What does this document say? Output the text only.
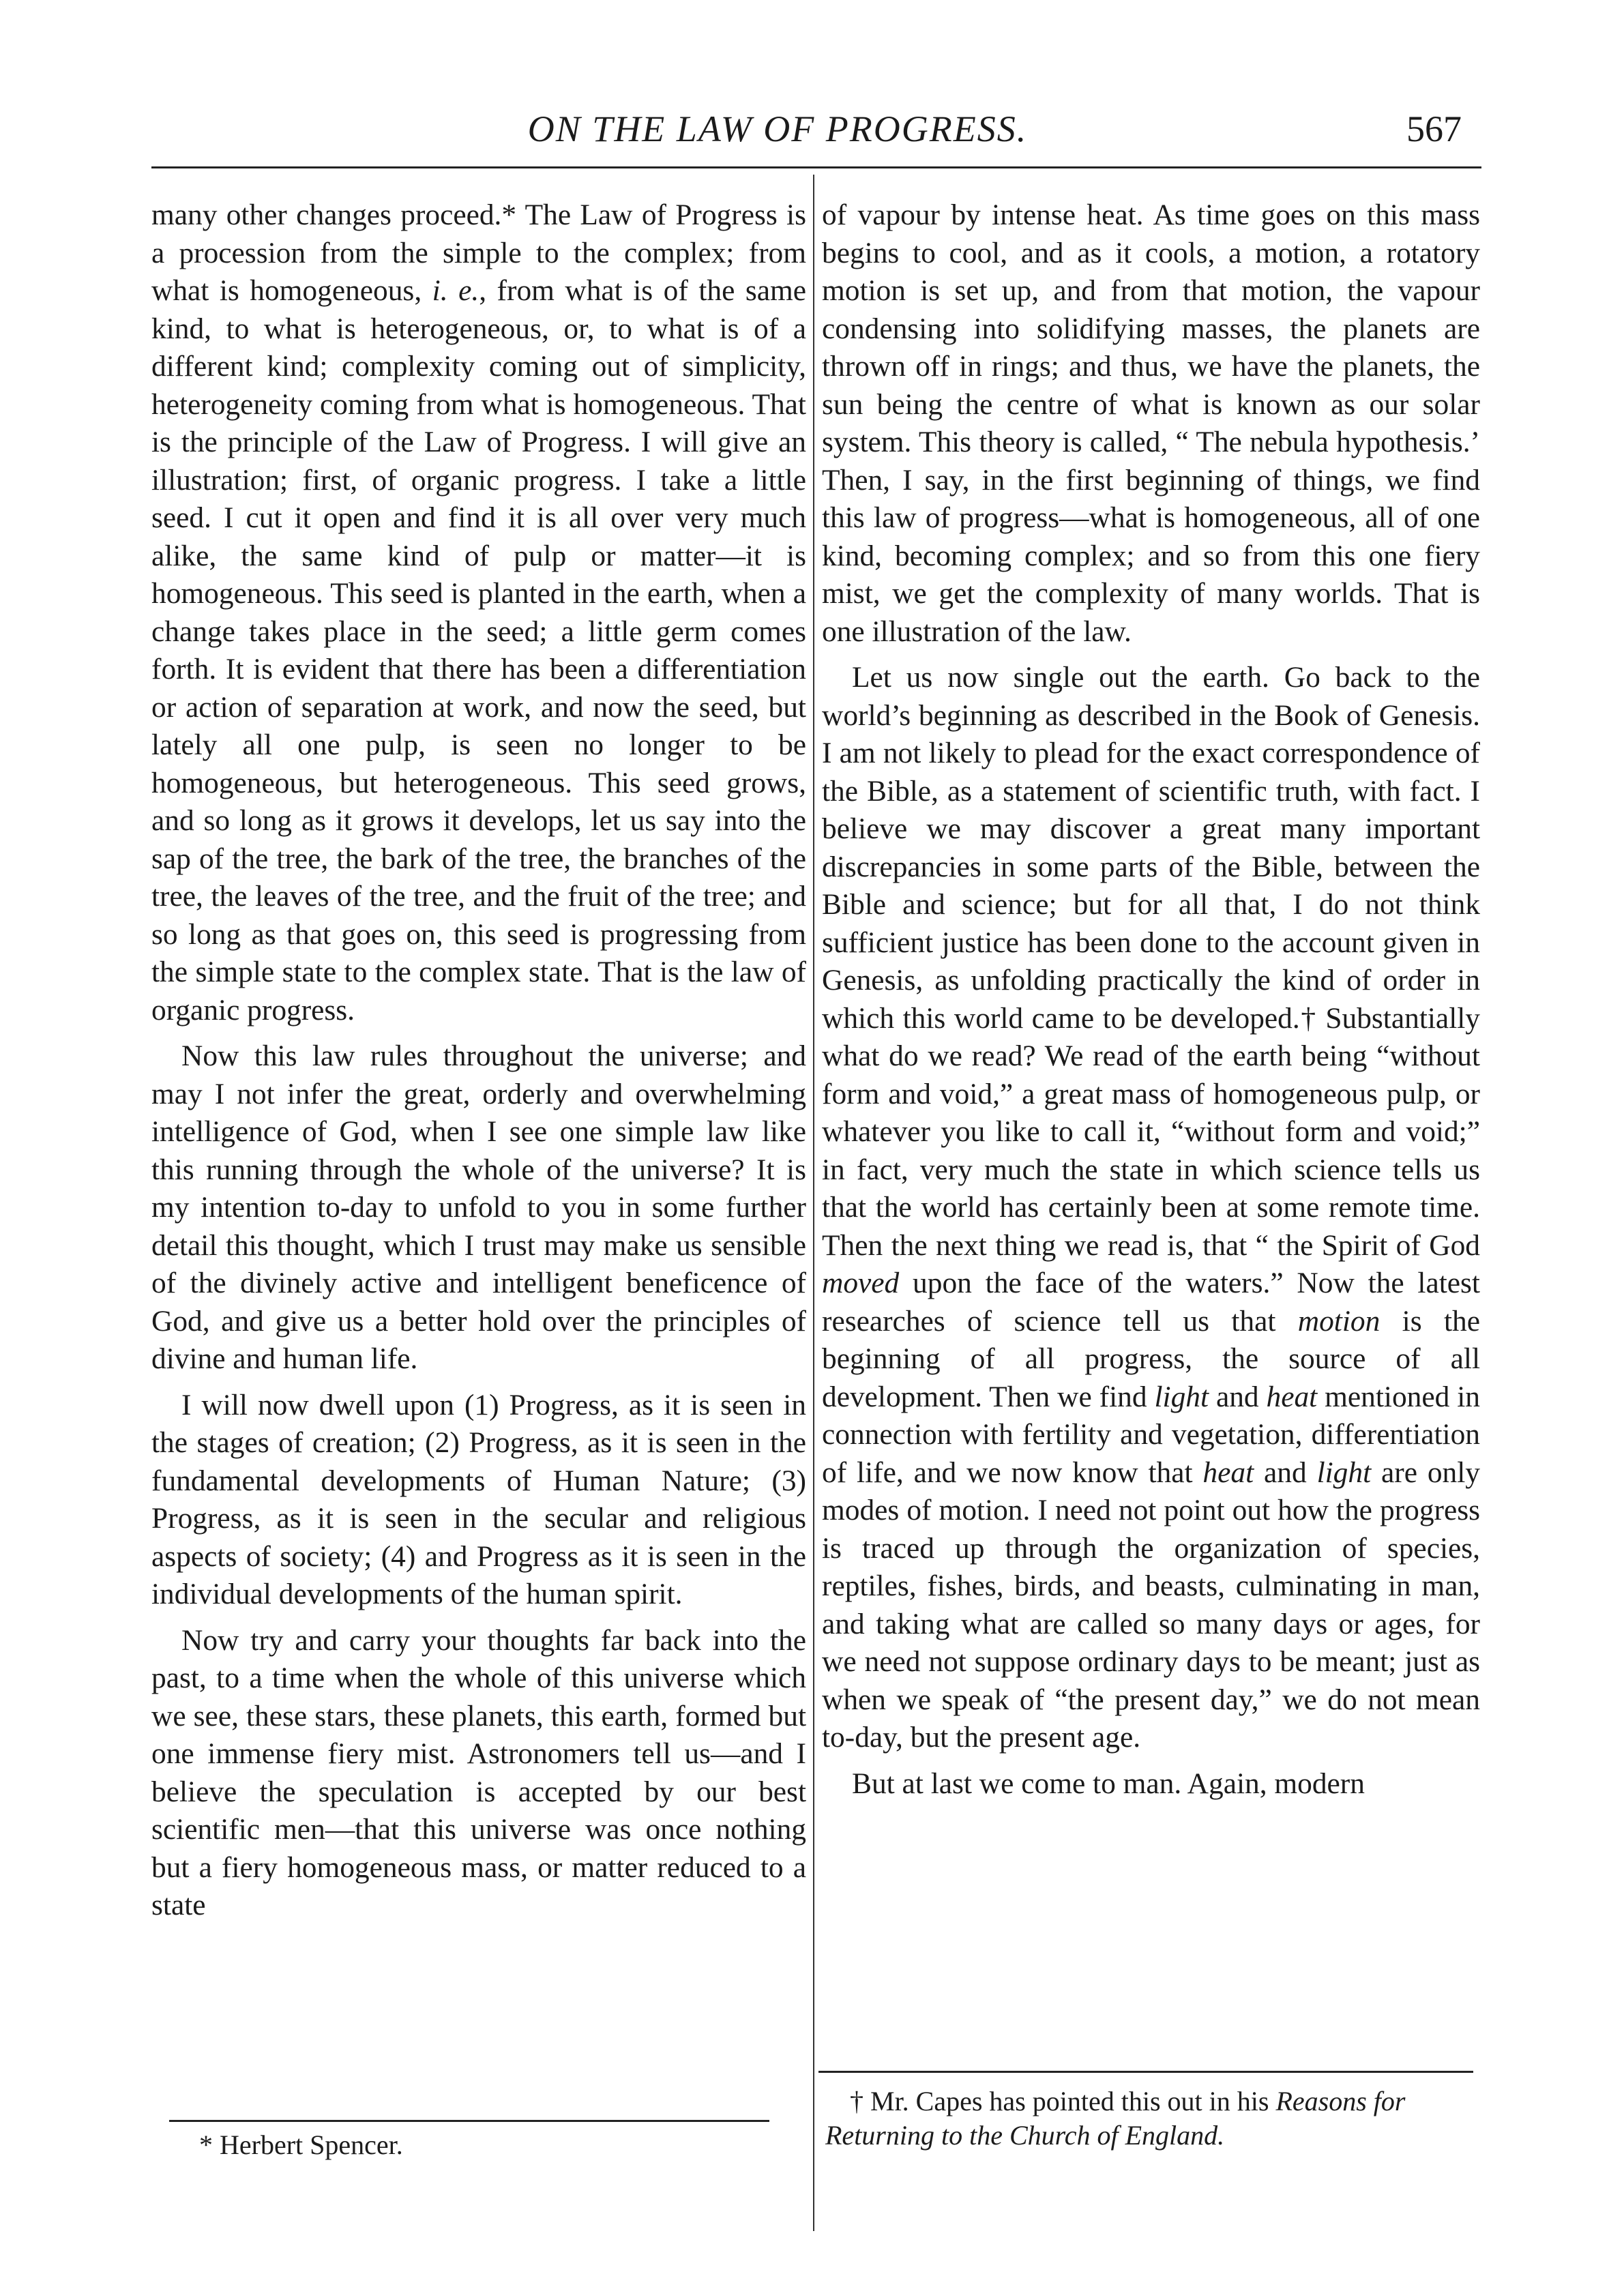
ON THE LAW OF PROGRESS.	567

many other changes proceed.* The Law of Progress is a procession from the simple to the complex; from what is homogeneous, i. e., from what is of the same kind, to what is heterogeneous, or, to what is of a different kind; complexity coming out of simplicity, heterogeneity coming from what is homogeneous. That is the principle of the Law of Progress. I will give an illustration; first, of organic progress. I take a little seed. I cut it open and find it is all over very much alike, the same kind of pulp or matter—it is homogeneous. This seed is planted in the earth, when a change takes place in the seed; a little germ comes forth. It is evident that there has been a differentiation or action of separation at work, and now the seed, but lately all one pulp, is seen no longer to be homogeneous, but heterogeneous. This seed grows, and so long as it grows it develops, let us say into the sap of the tree, the bark of the tree, the branches of the tree, the leaves of the tree, and the fruit of the tree; and so long as that goes on, this seed is progressing from the simple state to the complex state. That is the law of organic progress.

Now this law rules throughout the universe; and may I not infer the great, orderly and overwhelming intelligence of God, when I see one simple law like this running through the whole of the universe? It is my intention to-day to unfold to you in some further detail this thought, which I trust may make us sensible of the divinely active and intelligent beneficence of God, and give us a better hold over the principles of divine and human life.

I will now dwell upon (1) Progress, as it is seen in the stages of creation; (2) Progress, as it is seen in the fundamental developments of Human Nature; (3) Progress, as it is seen in the secular and religious aspects of society; (4) and Progress as it is seen in the individual developments of the human spirit.

Now try and carry your thoughts far back into the past, to a time when the whole of this universe which we see, these stars, these planets, this earth, formed but one immense fiery mist. Astronomers tell us—and I believe the speculation is accepted by our best scientific men—that this universe was once nothing but a fiery homogeneous mass, or matter reduced to a state

of vapour by intense heat. As time goes on this mass begins to cool, and as it cools, a motion, a rotatory motion is set up, and from that motion, the vapour condensing into solidifying masses, the planets are thrown off in rings; and thus, we have the planets, the sun being the centre of what is known as our solar system. This theory is called, “ The nebula hypothesis.’ Then, I say, in the first beginning of things, we find this law of progress—what is homogeneous, all of one kind, becoming complex; and so from this one fiery mist, we get the complexity of many worlds. That is one illustration of the law.

Let us now single out the earth. Go back to the world’s beginning as described in the Book of Genesis. I am not likely to plead for the exact correspondence of the Bible, as a statement of scientific truth, with fact. I believe we may discover a great many important discrepancies in some parts of the Bible, between the Bible and science; but for all that, I do not think sufficient justice has been done to the account given in Genesis, as unfolding practically the kind of order in which this world came to be developed.† Substantially what do we read? We read of the earth being “without form and void,” a great mass of homogeneous pulp, or whatever you like to call it, “without form and void;” in fact, very much the state in which science tells us that the world has certainly been at some remote time. Then the next thing we read is, that “ the Spirit of God moved upon the face of the waters.” Now the latest researches of science tell us that motion is the beginning of all progress, the source of all development. Then we find light and heat mentioned in connection with fertility and vegetation, differentiation of life, and we now know that heat and light are only modes of motion. I need not point out how the progress is traced up through the organization of species, reptiles, fishes, birds, and beasts, culminating in man, and taking what are called so many days or ages, for we need not suppose ordinary days to be meant; just as when we speak of “the present day,” we do not mean to-day, but the present age.

But at last we come to man. Again, modern

* Herbert Spencer.
† Mr. Capes has pointed this out in his Reasons for Returning to the Church of England.
